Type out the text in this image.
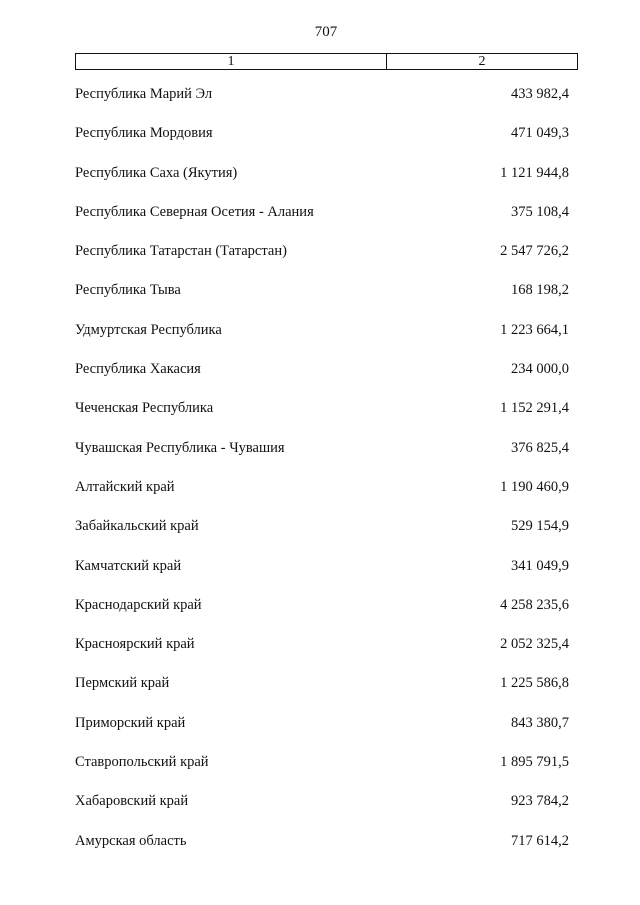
707
1	2
Республика Марий Эл	433 982,4
Республика Мордовия	471 049,3
Республика Саха (Якутия)	1 121 944,8
Республика Северная Осетия - Алания	375 108,4
Республика Татарстан (Татарстан)	2 547 726,2
Республика Тыва	168 198,2
Удмуртская Республика	1 223 664,1
Республика Хакасия	234 000,0
Чеченская Республика	1 152 291,4
Чувашская Республика - Чувашия	376 825,4
Алтайский край	1 190 460,9
Забайкальский край	529 154,9
Камчатский край	341 049,9
Краснодарский край	4 258 235,6
Красноярский край	2 052 325,4
Пермский край	1 225 586,8
Приморский край	843 380,7
Ставропольский край	1 895 791,5
Хабаровский край	923 784,2
Амурская область	717 614,2
